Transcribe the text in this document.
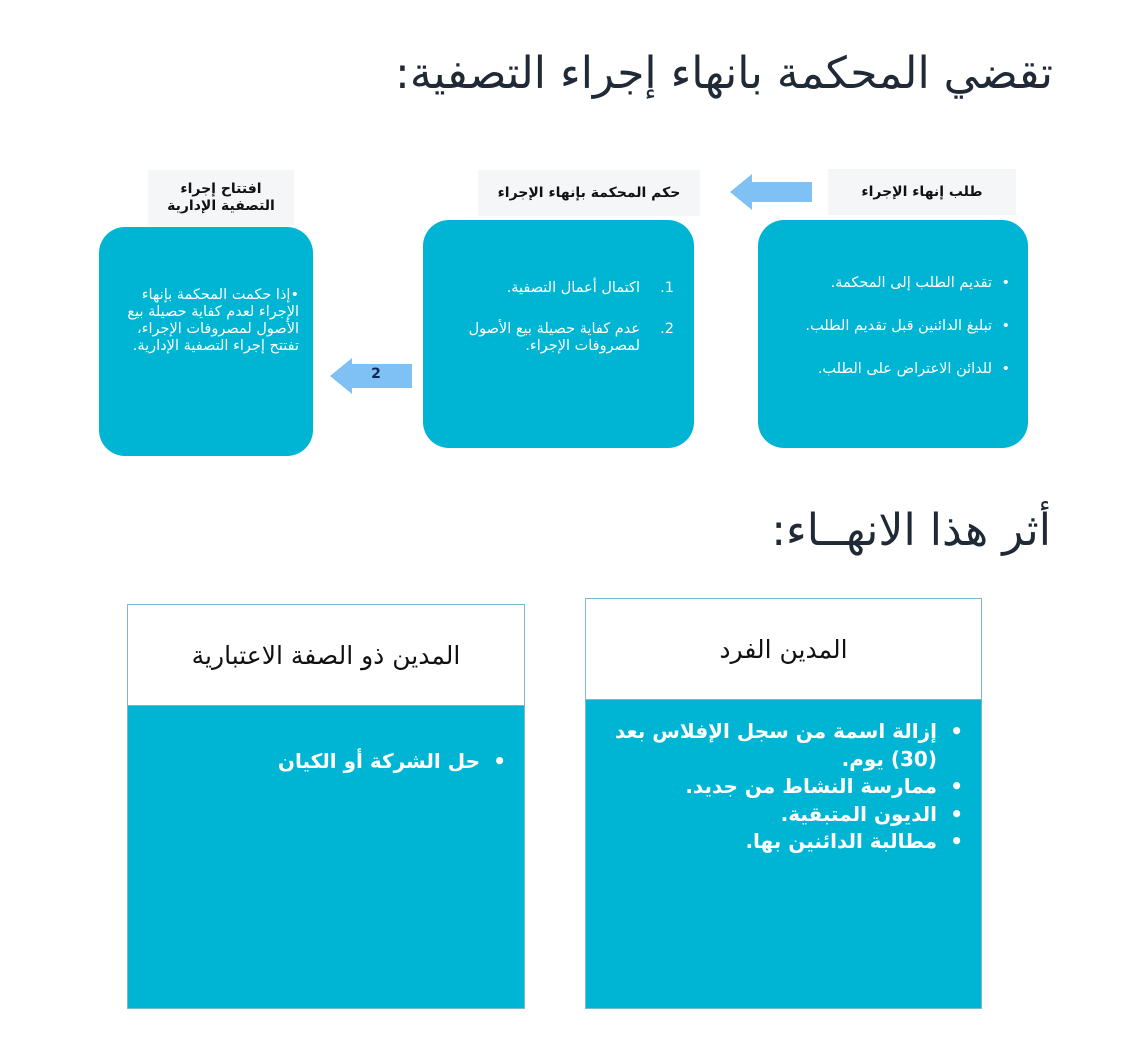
تقضي المحكمة بانهاء إجراء التصفية:
أثر هذا الانهــاء:
طلب إنهاء الإجراء
• تقديم الطلب إلى المحكمة.
• تبليغ الدائنين قبل تقديم الطلب.
• للدائن الاعتراض على الطلب.
حكم المحكمة بإنهاء الإجراء
1.
اكتمال أعمال التصفية.
2.
عدم كفاية حصيلة بيع الأصول لمصروفات الإجراء.
2
افتتاح إجراء التصفية الإدارية
•إذا حكمت المحكمة بإنهاء الإجراء لعدم كفاية حصيلة بيع الأصول لمصروفات الإجراء، تفتتح إجراء التصفية الإدارية.
المدين الفرد
• إزالة اسمة من سجل الإفلاس بعد (30) يوم.
• ممارسة النشاط من جديد.
• الديون المتبقية.
• مطالبة الدائنين بها.
المدين ذو الصفة الاعتبارية
• حل الشركة أو الكيان
